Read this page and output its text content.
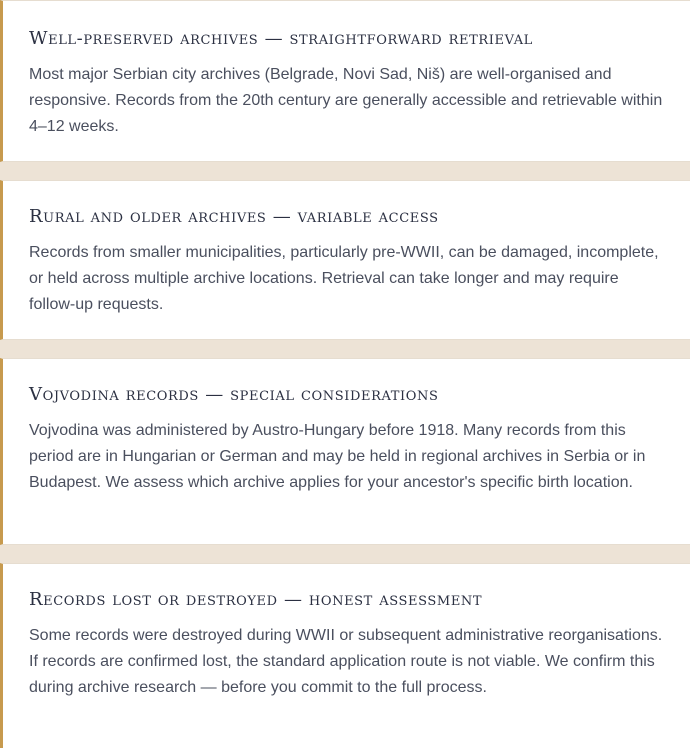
Well-preserved archives — straightforward retrieval

Most major Serbian city archives (Belgrade, Novi Sad, Niš) are well-organised and responsive. Records from the 20th century are generally accessible and retrievable within 4–12 weeks.

Rural and older archives — variable access

Records from smaller municipalities, particularly pre-WWII, can be damaged, incomplete, or held across multiple archive locations. Retrieval can take longer and may require follow-up requests.

Vojvodina records — special considerations

Vojvodina was administered by Austro-Hungary before 1918. Many records from this period are in Hungarian or German and may be held in regional archives in Serbia or in Budapest. We assess which archive applies for your ancestor's specific birth location.

Records lost or destroyed — honest assessment

Some records were destroyed during WWII or subsequent administrative reorganisations. If records are confirmed lost, the standard application route is not viable. We confirm this during archive research — before you commit to the full process.
